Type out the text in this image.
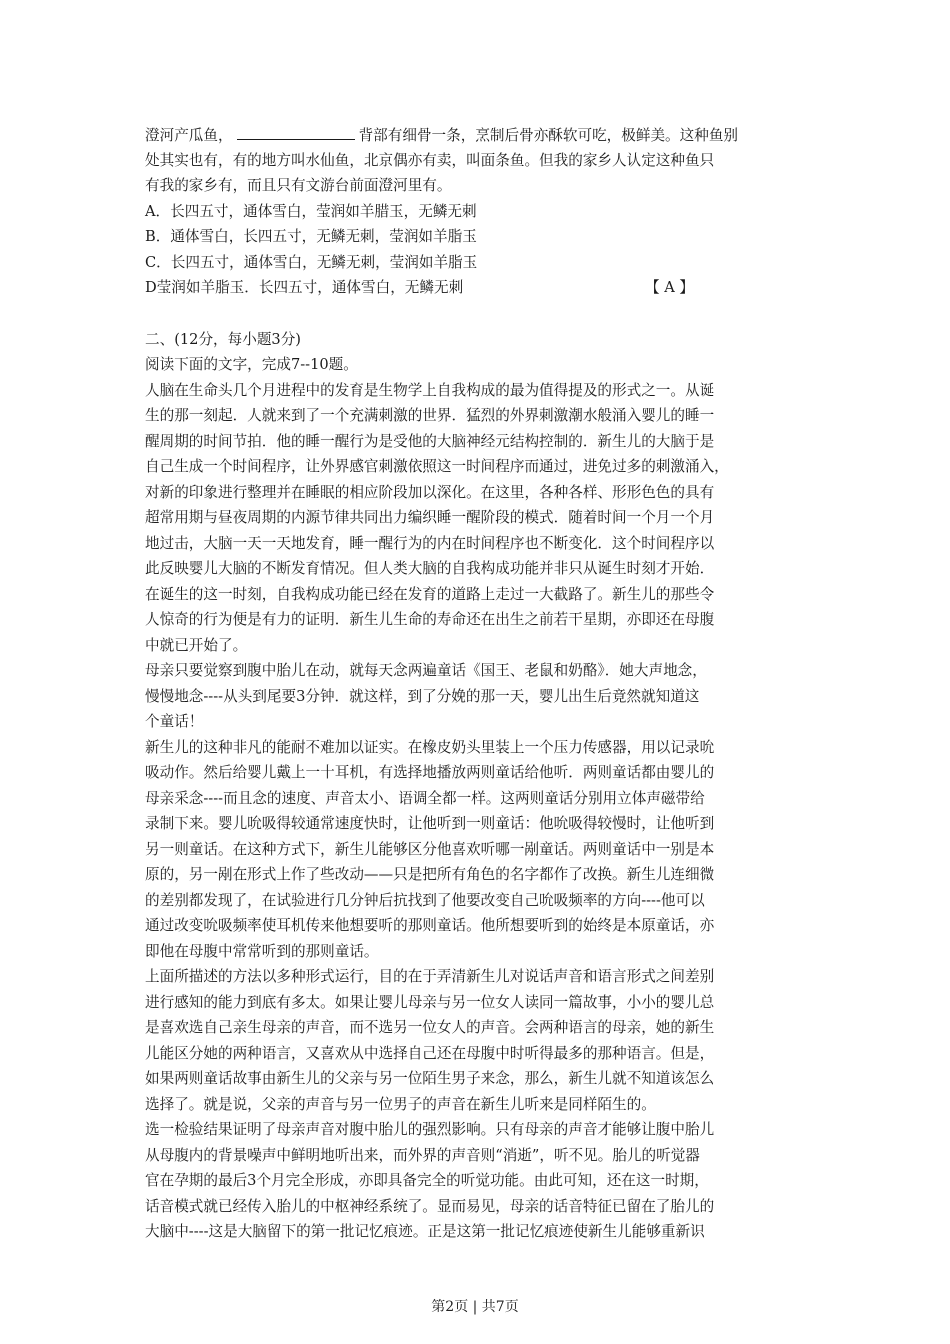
澄河产瓜鱼，	背部有细骨一条，烹制后骨亦酥软可吃，极鲜美。这种鱼别
处其实也有，有的地方叫水仙鱼，北京偶亦有卖，叫面条鱼。但我的家乡人认定这种鱼只
有我的家乡有，而且只有文游台前面澄河里有。
A．长四五寸，通体雪白，莹润如羊腊玉，无鳞无刺
B．通体雪白，长四五寸，无鳞无刺，莹润如羊脂玉
C．长四五寸，通体雪白，无鳞无刺，莹润如羊脂玉
D莹润如羊脂玉．长四五寸，通体雪白，无鳞无刺	【 A 】
二、(12分，每小题3分)
阅读下面的文字，完成7--10题。
人脑在生命头几个月进程中的发育是生物学上自我构成的最为值得提及的形式之一。从诞
生的那一刻起．人就来到了一个充满刺激的世界．猛烈的外界刺激潮水般涌入婴儿的睡一
醒周期的时间节拍．他的睡一醒行为是受他的大脑神经元结构控制的．新生儿的大脑于是
自己生成一个时间程序，让外界感官刺激依照这一时间程序而通过，进免过多的刺激涌入，
对新的印象进行整理并在睡眠的相应阶段加以深化。在这里，各种各样、形形色色的具有
超常用期与昼夜周期的内源节律共同出力编织睡一醒阶段的模式．随着时间一个月一个月
地过击，大脑一天一天地发育，睡一醒行为的内在时间程序也不断变化．这个时间程序以
此反映婴儿大脑的不断发育情况。但人类大脑的自我构成功能并非只从诞生时刻才开始．
在诞生的这一时刻，自我构成功能已经在发育的道路上走过一大截路了。新生儿的那些令
人惊奇的行为便是有力的证明．新生儿生命的寿命还在出生之前若干星期，亦即还在母腹
中就已开始了。
母亲只要觉察到腹中胎儿在动，就每天念两遍童话《国王、老鼠和奶酪》．她大声地念，
慢慢地念----从头到尾要3分钟．就这样，到了分娩的那一天，婴儿出生后竟然就知道这
个童话！
新生儿的这种非凡的能耐不难加以证实。在橡皮奶头里装上一个压力传感器，用以记录吮
吸动作。然后给婴儿戴上一十耳机，有选择地播放两则童话给他听．两则童话都由婴儿的
母亲采念----而且念的速度、声音太小、语调全都一样。这两则童话分别用立体声磁带给
录制下来。婴儿吮吸得较通常速度快时，让他听到一则童话：他吮吸得较慢时，让他听到
另一则童话。在这种方式下，新生儿能够区分他喜欢听哪一剐童话。两则童话中一别是本
原的，另一剐在形式上作了些改动——只是把所有角色的名字都作了改换。新生儿连细微
的差别都发现了，在试验进行几分钟后抗找到了他要改变自己吮吸频率的方向----他可以
通过改变吮吸频率使耳机传来他想要听的那则童话。他所想要听到的始终是本原童话，亦
即他在母腹中常常听到的那则童话。
上面所描述的方法以多种形式运行，目的在于弄清新生儿对说话声音和语言形式之间差别
进行感知的能力到底有多太。如果让婴儿母亲与另一位女人读同一篇故事，小小的婴儿总
是喜欢选自己亲生母亲的声音，而不选另一位女人的声音。会两种语言的母亲，她的新生
儿能区分她的两种语言，又喜欢从中选择自己还在母腹中时听得最多的那种语言。但是，
如果两则童话故事由新生儿的父亲与另一位陌生男子来念，那么，新生儿就不知道该怎么
选择了。就是说，父亲的声音与另一位男子的声音在新生儿听来是同样陌生的。
选一检验结果证明了母亲声音对腹中胎儿的强烈影响。只有母亲的声音才能够让腹中胎儿
从母腹内的背景噪声中鲜明地听出来，而外界的声音则“消逝”，听不见。胎儿的听觉器
官在孕期的最后3个月完全形成，亦即具备完全的听觉功能。由此可知，还在这一时期，
话音模式就已经传入胎儿的中枢神经系统了。显而易见，母亲的话音特征已留在了胎儿的
大脑中----这是大脑留下的第一批记忆痕迹。正是这第一批记忆痕迹使新生儿能够重新识
第2页 | 共7页
